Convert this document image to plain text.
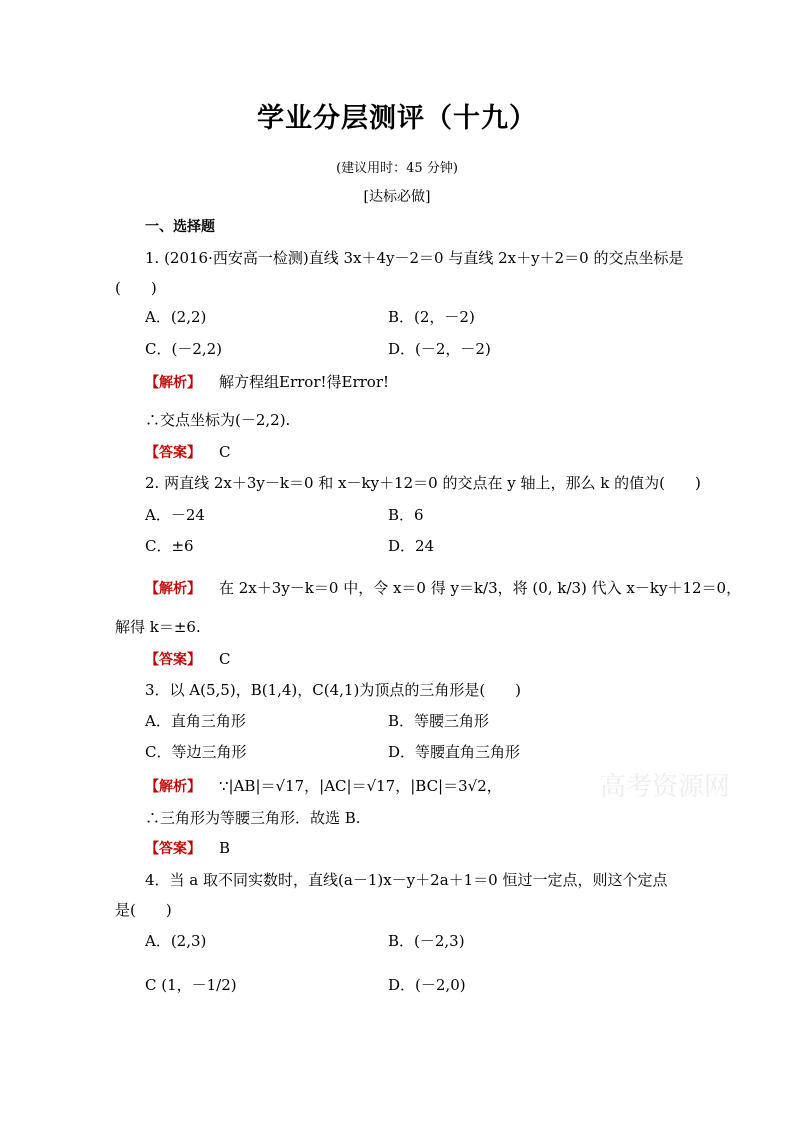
学业分层测评（十九）
(建议用时：45 分钟)
[达标必做]
一、选择题
1. (2016·西安高一检测)直线 3x＋4y－2＝0 与直线 2x＋y＋2＝0 的交点坐标是
(　　)
A．(2,2)	B．(2，－2)
C．(－2,2)	D．(－2，－2)
【解析】 解方程组Error!得Error!
∴交点坐标为(－2,2).
【答案】 C
2. 两直线 2x＋3y－k＝0 和 x－ky＋12＝0 的交点在 y 轴上，那么 k 的值为(　　)
A．－24	B．6
C．±6	D．24
【解析】 在 2x＋3y－k＝0 中，令 x＝0 得 y＝k/3，将 (0, k/3) 代入 x－ky＋12＝0，
解得 k＝±6.
【答案】 C
3．以 A(5,5)，B(1,4)，C(4,1)为顶点的三角形是(　　)
A．直角三角形	B．等腰三角形
C．等边三角形	D．等腰直角三角形
【解析】 ∵|AB|＝√17，|AC|＝√17，|BC|＝3√2，
∴三角形为等腰三角形．故选 B.
【答案】 B
4．当 a 取不同实数时，直线(a－1)x－y＋2a＋1＝0 恒过一定点，则这个定点
是(　　)
A．(2,3)	B．(－2,3)
C (1，－1/2)	D．(－2,0)
高考资源网
